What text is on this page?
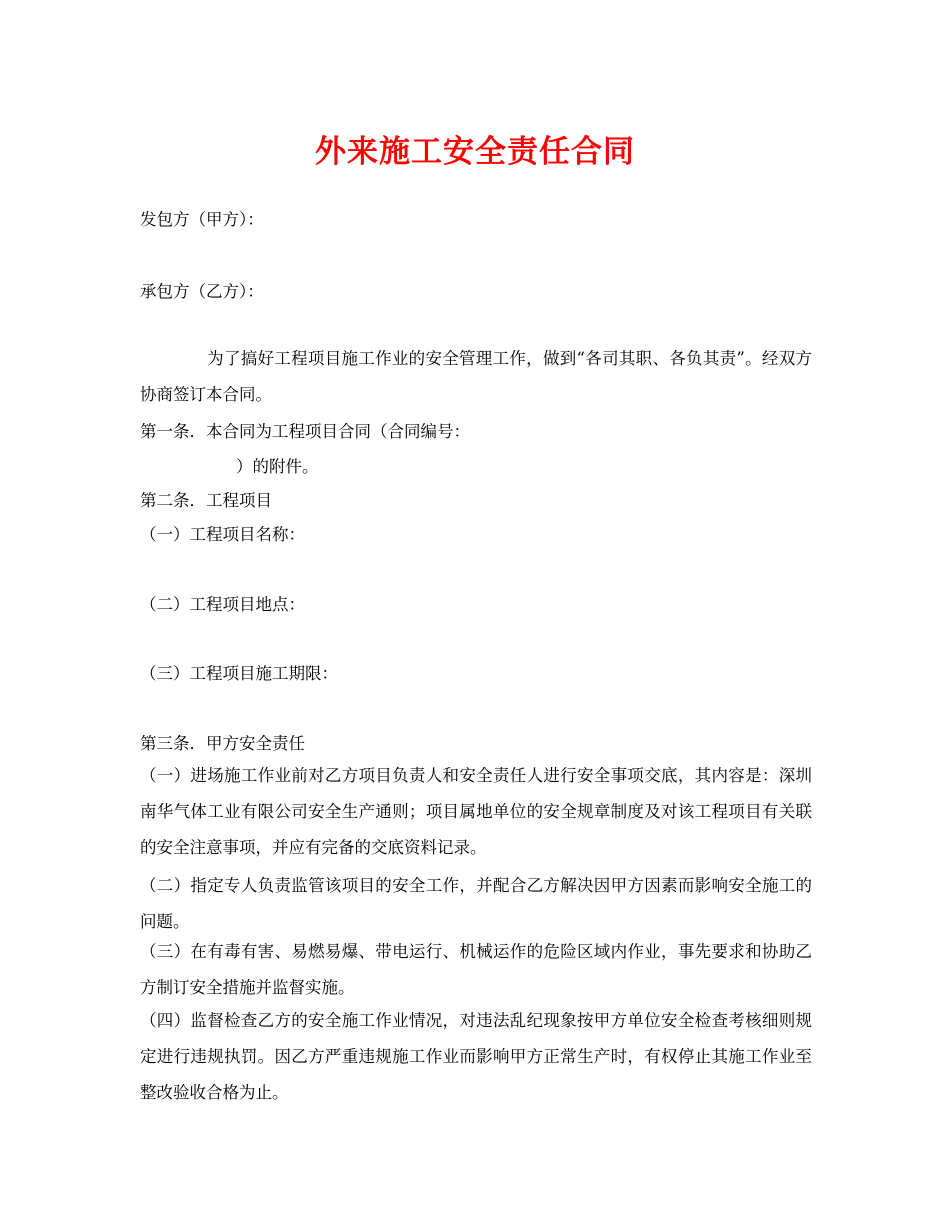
外来施工安全责任合同
发包方（甲方）：
承包方（乙方）：
　　　　为了搞好工程项目施工作业的安全管理工作，做到“各司其职、各负其责”。经双方协商签订本合同。
第一条．本合同为工程项目合同（合同编号：
）的附件。
第二条．工程项目
（一）工程项目名称：
（二）工程项目地点：
（三）工程项目施工期限：
第三条．甲方安全责任
（一）进场施工作业前对乙方项目负责人和安全责任人进行安全事项交底，其内容是：深圳南华气体工业有限公司安全生产通则；项目属地单位的安全规章制度及对该工程项目有关联的安全注意事项，并应有完备的交底资料记录。
（二）指定专人负责监管该项目的安全工作，并配合乙方解决因甲方因素而影响安全施工的问题。
（三）在有毒有害、易燃易爆、带电运行、机械运作的危险区域内作业，事先要求和协助乙方制订安全措施并监督实施。
（四）监督检查乙方的安全施工作业情况，对违法乱纪现象按甲方单位安全检查考核细则规定进行违规执罚。因乙方严重违规施工作业而影响甲方正常生产时，有权停止其施工作业至整改验收合格为止。
